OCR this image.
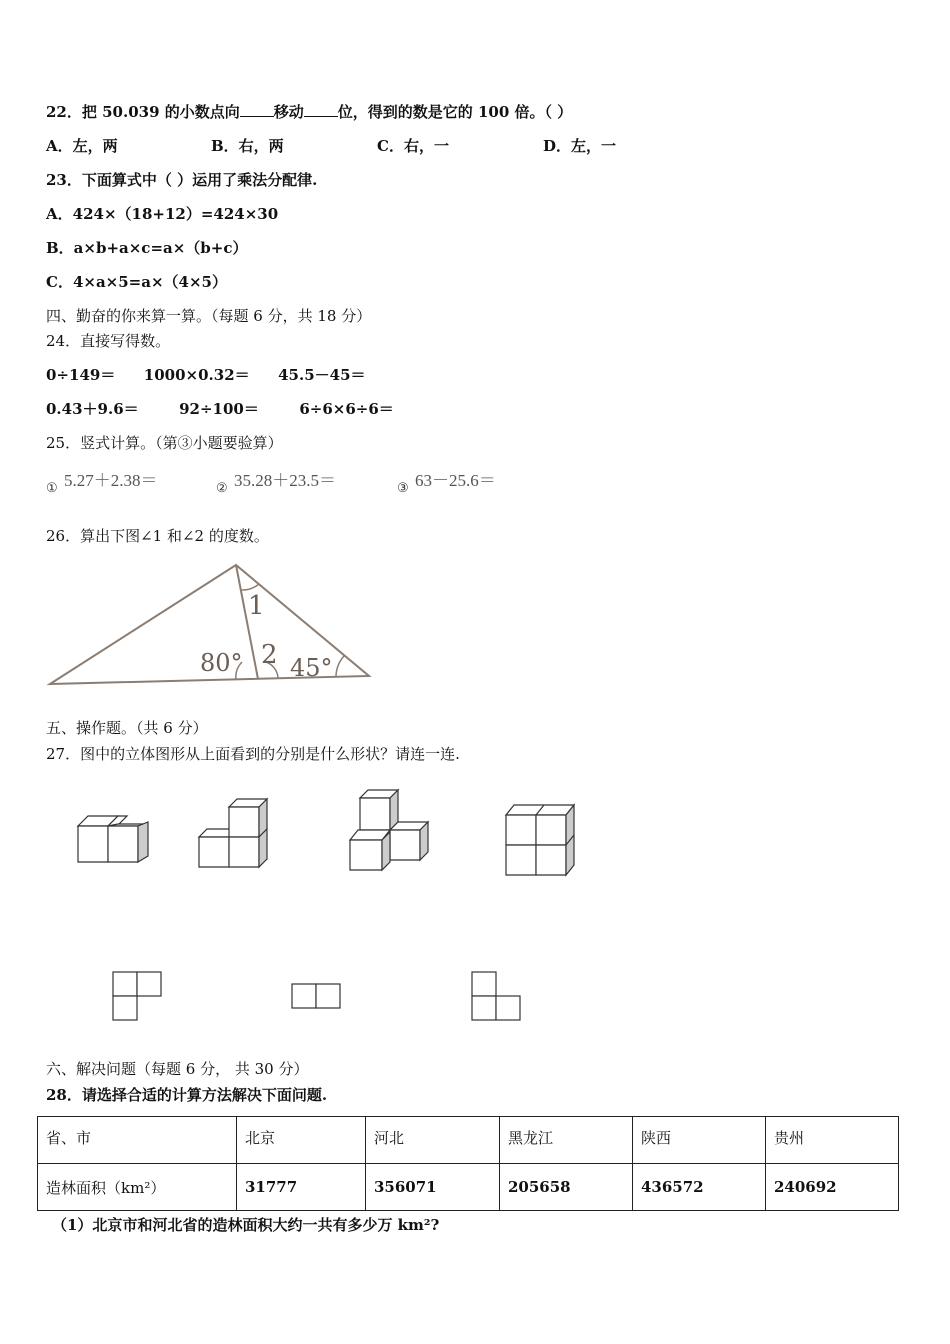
22．把 50.039 的小数点向 移动 位，得到的数是它的 100 倍。（ ）
A．左，两	B．右，两	C．右，一	D．左，一
23．下面算式中（ ）运用了乘法分配律.
A．424×（18+12）=424×30
B．a×b+a×c=a×（b+c）
C．4×a×5=a×（4×5）
四、勤奋的你来算一算。（每题 6 分，共 18 分）
24．直接写得数。
0÷149＝ 1000×0.32＝ 45.5－45＝
0.43＋9.6＝	92÷100＝	6÷6×6÷6＝
25．竖式计算。（第③小题要验算）
① 5.27＋2.38＝	② 35.28＋23.5＝	③ 63－25.6＝
26．算出下图∠1 和∠2 的度数。
1
80° 2 45°
五、操作题。（共 6 分）
27．图中的立体图形从上面看到的分别是什么形状？请连一连.
六、解决问题（每题 6 分， 共 30 分）
28．请选择合适的计算方法解决下面问题.
省、市	北京	河北	黑龙江	陕西	贵州
造林面积（km²）	31777	356071	205658	436572	240692
（1）北京市和河北省的造林面积大约一共有多少万 km²?
